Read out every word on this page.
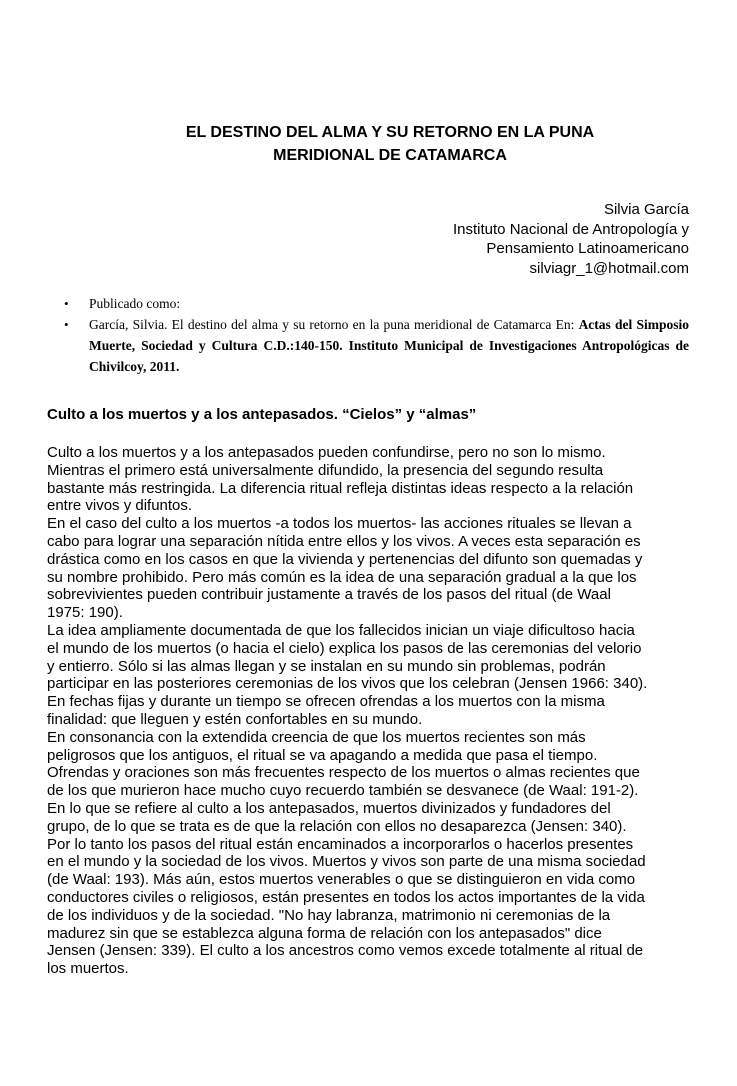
EL DESTINO DEL ALMA Y SU RETORNO EN LA PUNA
MERIDIONAL DE CATAMARCA
Silvia García
Instituto Nacional de Antropología y
Pensamiento Latinoamericano
silviagr_1@hotmail.com
• Publicado como:
• García, Silvia. El destino del alma y su retorno en la puna meridional de Catamarca En: Actas del Simposio Muerte, Sociedad y Cultura C.D.:140-150. Instituto Municipal de Investigaciones Antropológicas de Chivilcoy, 2011.
Culto a los muertos y a los antepasados. “Cielos” y “almas”
Culto a los muertos y a los antepasados pueden confundirse, pero no son lo mismo.
Mientras el primero está universalmente difundido, la presencia del segundo resulta
bastante más restringida. La diferencia ritual refleja distintas ideas respecto a la relación
entre vivos y difuntos.
En el caso del culto a los muertos -a todos los muertos- las acciones rituales se llevan a
cabo para lograr una separación nítida entre ellos y los vivos. A veces esta separación es
drástica como en los casos en que la vivienda y pertenencias del difunto son quemadas y
su nombre prohibido. Pero más común es la idea de una separación gradual a la que los
sobrevivientes pueden contribuir justamente a través de los pasos del ritual (de Waal
1975: 190).
La idea ampliamente documentada de que los fallecidos inician un viaje dificultoso hacia
el mundo de los muertos (o hacia el cielo) explica los pasos de las ceremonias del velorio
y entierro. Sólo si las almas llegan y se instalan en su mundo sin problemas, podrán
participar en las posteriores ceremonias de los vivos que los celebran (Jensen 1966: 340).
En fechas fijas y durante un tiempo se ofrecen ofrendas a los muertos con la misma
finalidad: que lleguen y estén confortables en su mundo.
En consonancia con la extendida creencia de que los muertos recientes son más
peligrosos que los antiguos, el ritual se va apagando a medida que pasa el tiempo.
Ofrendas y oraciones son más frecuentes respecto de los muertos o almas recientes que
de los que murieron hace mucho cuyo recuerdo también se desvanece (de Waal: 191-2).
En lo que se refiere al culto a los antepasados, muertos divinizados y fundadores del
grupo, de lo que se trata es de que la relación con ellos no desaparezca (Jensen: 340).
Por lo tanto los pasos del ritual están encaminados a incorporarlos o hacerlos presentes
en el mundo y la sociedad de los vivos. Muertos y vivos son parte de una misma sociedad
(de Waal: 193). Más aún, estos muertos venerables o que se distinguieron en vida como
conductores civiles o religiosos, están presentes en todos los actos importantes de la vida
de los individuos y de la sociedad. "No hay labranza, matrimonio ni ceremonias de la
madurez sin que se establezca alguna forma de relación con los antepasados" dice
Jensen (Jensen: 339). El culto a los ancestros como vemos excede totalmente al ritual de
los muertos.
